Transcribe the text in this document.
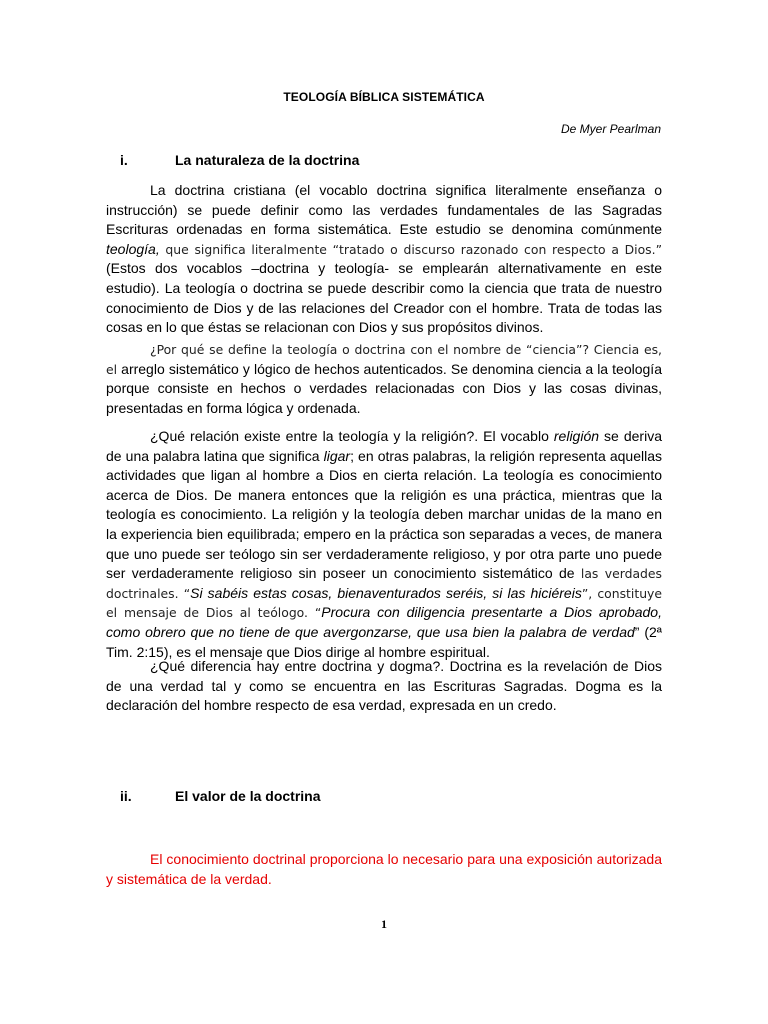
TEOLOGÍA BÍBLICA SISTEMÁTICA
De Myer Pearlman
i.	La naturaleza de la doctrina

La doctrina cristiana (el vocablo doctrina significa literalmente enseñanza o instrucción) se puede definir como las verdades fundamentales de las Sagradas Escrituras ordenadas en forma sistemática. Este estudio se denomina comúnmente teología, que significa literalmente “tratado o discurso razonado con respecto a Dios.” (Estos dos vocablos –doctrina y teología- se emplearán alternativamente en este estudio). La teología o doctrina se puede describir como la ciencia que trata de nuestro conocimiento de Dios y de las relaciones del Creador con el hombre. Trata de todas las cosas en lo que éstas se relacionan con Dios y sus propósitos divinos.

¿Por qué se define la teología o doctrina con el nombre de “ciencia”? Ciencia es, el arreglo sistemático y lógico de hechos autenticados. Se denomina ciencia a la teología porque consiste en hechos o verdades relacionadas con Dios y las cosas divinas, presentadas en forma lógica y ordenada.

¿Qué relación existe entre la teología y la religión?. El vocablo religión se deriva de una palabra latina que significa ligar; en otras palabras, la religión representa aquellas actividades que ligan al hombre a Dios en cierta relación. La teología es conocimiento acerca de Dios. De manera entonces que la religión es una práctica, mientras que la teología es conocimiento. La religión y la teología deben marchar unidas de la mano en la experiencia bien equilibrada; empero en la práctica son separadas a veces, de manera que uno puede ser teólogo sin ser verdaderamente religioso, y por otra parte uno puede ser verdaderamente religioso sin poseer un conocimiento sistemático de las verdades doctrinales. “Si sabéis estas cosas, bienaventurados seréis, si las hiciéreis”, constituye el mensaje de Dios al teólogo. “Procura con diligencia presentarte a Dios aprobado, como obrero que no tiene de que avergonzarse, que usa bien la palabra de verdad” (2ª Tim. 2:15), es el mensaje que Dios dirige al hombre espiritual.

¿Qué diferencia hay entre doctrina y dogma?. Doctrina es la revelación de Dios de una verdad tal y como se encuentra en las Escrituras Sagradas. Dogma es la declaración del hombre respecto de esa verdad, expresada en un credo.

ii.	El valor de la doctrina

El conocimiento doctrinal proporciona lo necesario para una exposición autorizada y sistemática de la verdad.

1
